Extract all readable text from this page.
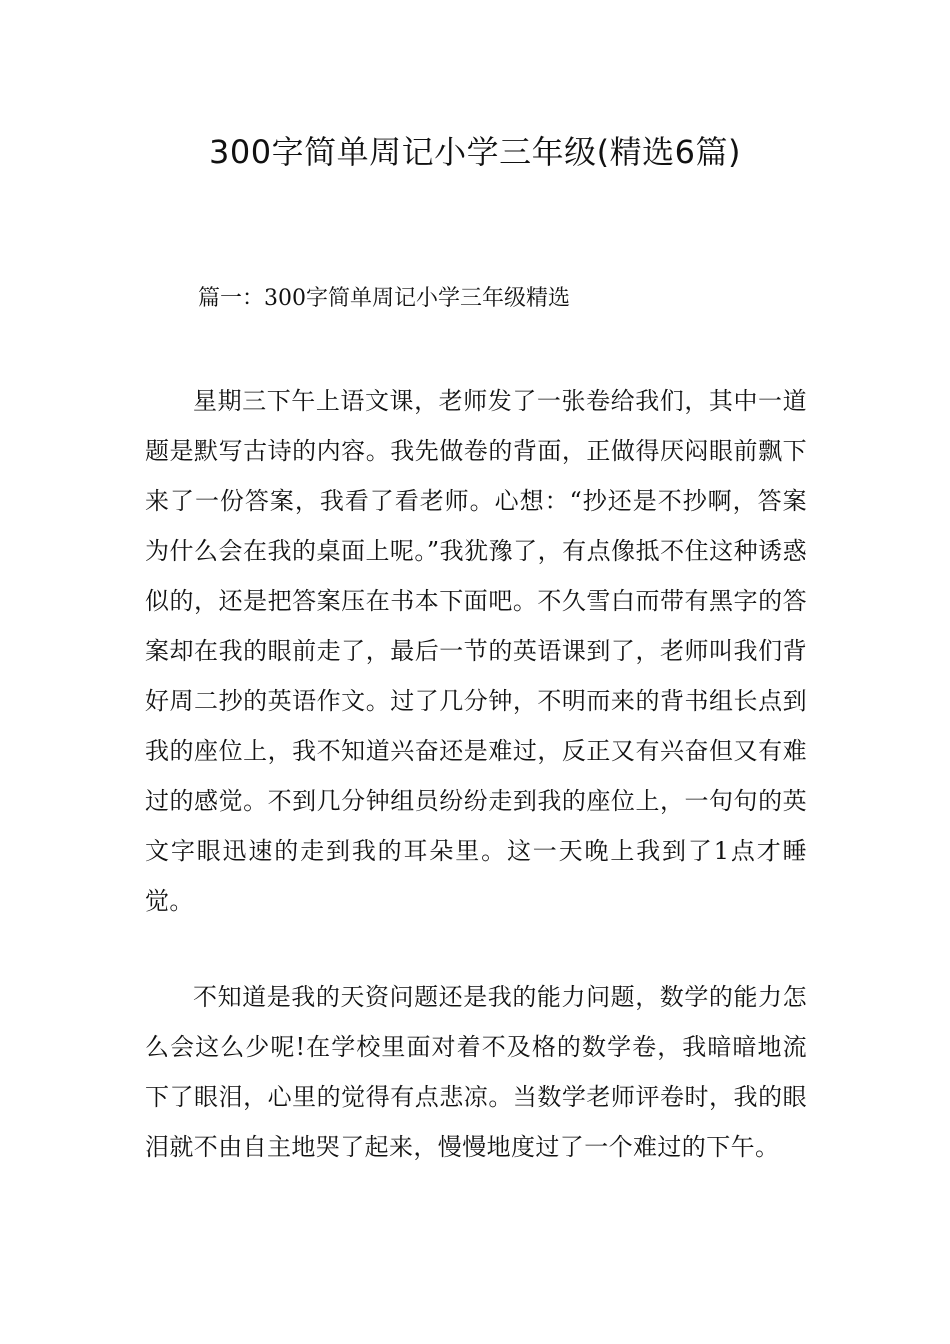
300字简单周记小学三年级(精选6篇)
篇一：300字简单周记小学三年级精选

星期三下午上语文课，老师发了一张卷给我们，其中一道题是默写古诗的内容。我先做卷的背面，正做得厌闷眼前飘下来了一份答案，我看了看老师。心想：“抄还是不抄啊，答案为什么会在我的桌面上呢。”我犹豫了，有点像抵不住这种诱惑似的，还是把答案压在书本下面吧。不久雪白而带有黑字的答案却在我的眼前走了，最后一节的英语课到了，老师叫我们背好周二抄的英语作文。过了几分钟，不明而来的背书组长点到我的座位上，我不知道兴奋还是难过，反正又有兴奋但又有难过的感觉。不到几分钟组员纷纷走到我的座位上，一句句的英文字眼迅速的走到我的耳朵里。这一天晚上我到了1点才睡觉。

不知道是我的天资问题还是我的能力问题，数学的能力怎么会这么少呢!在学校里面对着不及格的数学卷，我暗暗地流下了眼泪，心里的觉得有点悲凉。当数学老师评卷时，我的眼泪就不由自主地哭了起来，慢慢地度过了一个难过的下午。
